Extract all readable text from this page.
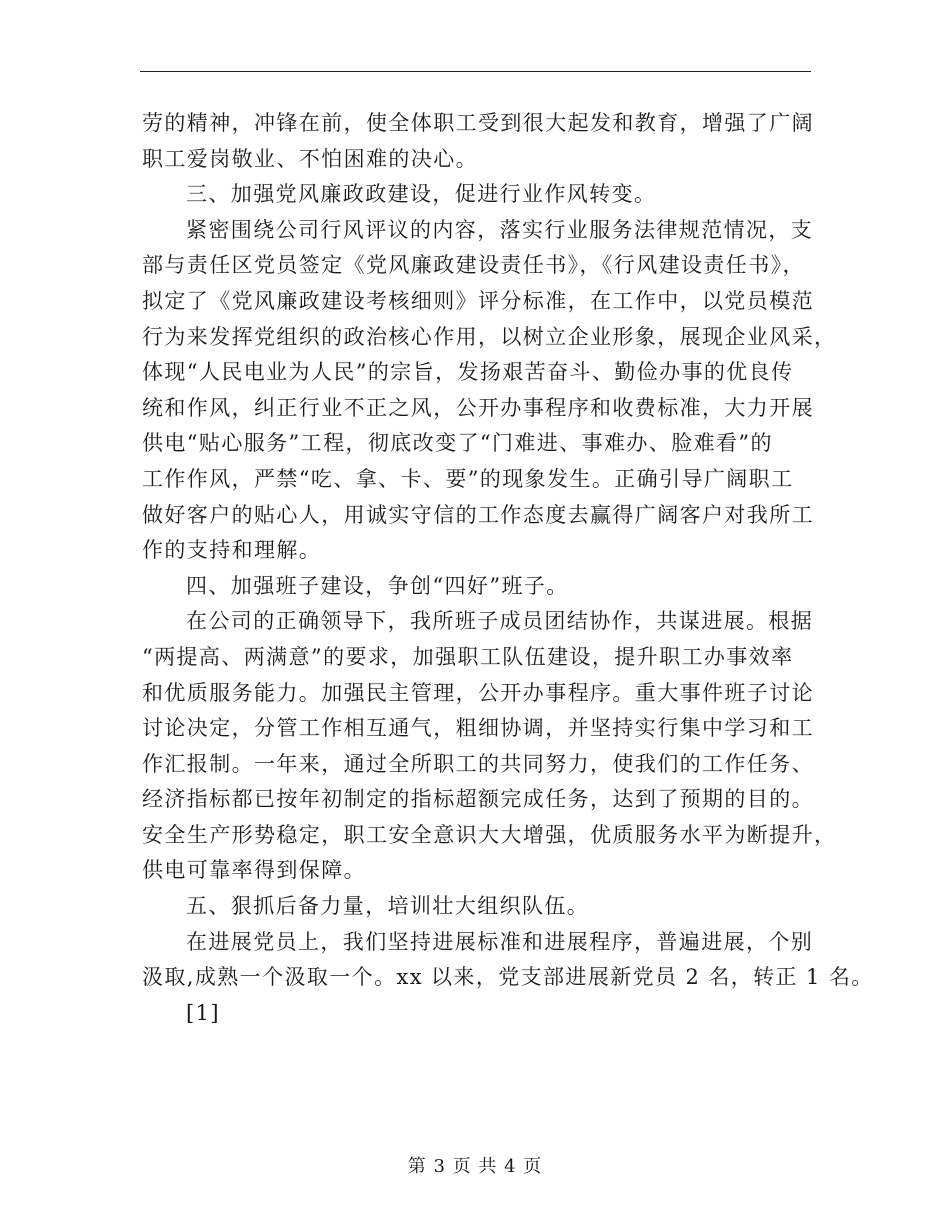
劳的精神，冲锋在前，使全体职工受到很大起发和教育，增强了广阔
职工爱岗敬业、不怕困难的决心。
三、加强党风廉政政建设，促进行业作风转变。
紧密围绕公司行风评议的内容，落实行业服务法律规范情况，支
部与责任区党员签定《党风廉政建设责任书》，《行风建设责任书》，
拟定了《党风廉政建设考核细则》评分标准，在工作中，以党员模范
行为来发挥党组织的政治核心作用，以树立企业形象，展现企业风采，
体现“人民电业为人民”的宗旨，发扬艰苦奋斗、勤俭办事的优良传
统和作风，纠正行业不正之风，公开办事程序和收费标准，大力开展
供电“贴心服务”工程，彻底改变了“门难进、事难办、脸难看”的
工作作风，严禁“吃、拿、卡、要”的现象发生。正确引导广阔职工
做好客户的贴心人，用诚实守信的工作态度去赢得广阔客户对我所工
作的支持和理解。
四、加强班子建设，争创“四好”班子。
在公司的正确领导下，我所班子成员团结协作，共谋进展。根据
“两提高、两满意”的要求，加强职工队伍建设，提升职工办事效率
和优质服务能力。加强民主管理，公开办事程序。重大事件班子讨论
讨论决定，分管工作相互通气，粗细协调，并坚持实行集中学习和工
作汇报制。一年来，通过全所职工的共同努力，使我们的工作任务、
经济指标都已按年初制定的指标超额完成任务，达到了预期的目的。
安全生产形势稳定，职工安全意识大大增强，优质服务水平为断提升，
供电可靠率得到保障。
五、狠抓后备力量，培训壮大组织队伍。
在进展党员上，我们坚持进展标准和进展程序，普遍进展，个别
汲取,成熟一个汲取一个。xx 以来，党支部进展新党员 2 名，转正 1 名。
[1]
第 3 页 共 4 页
